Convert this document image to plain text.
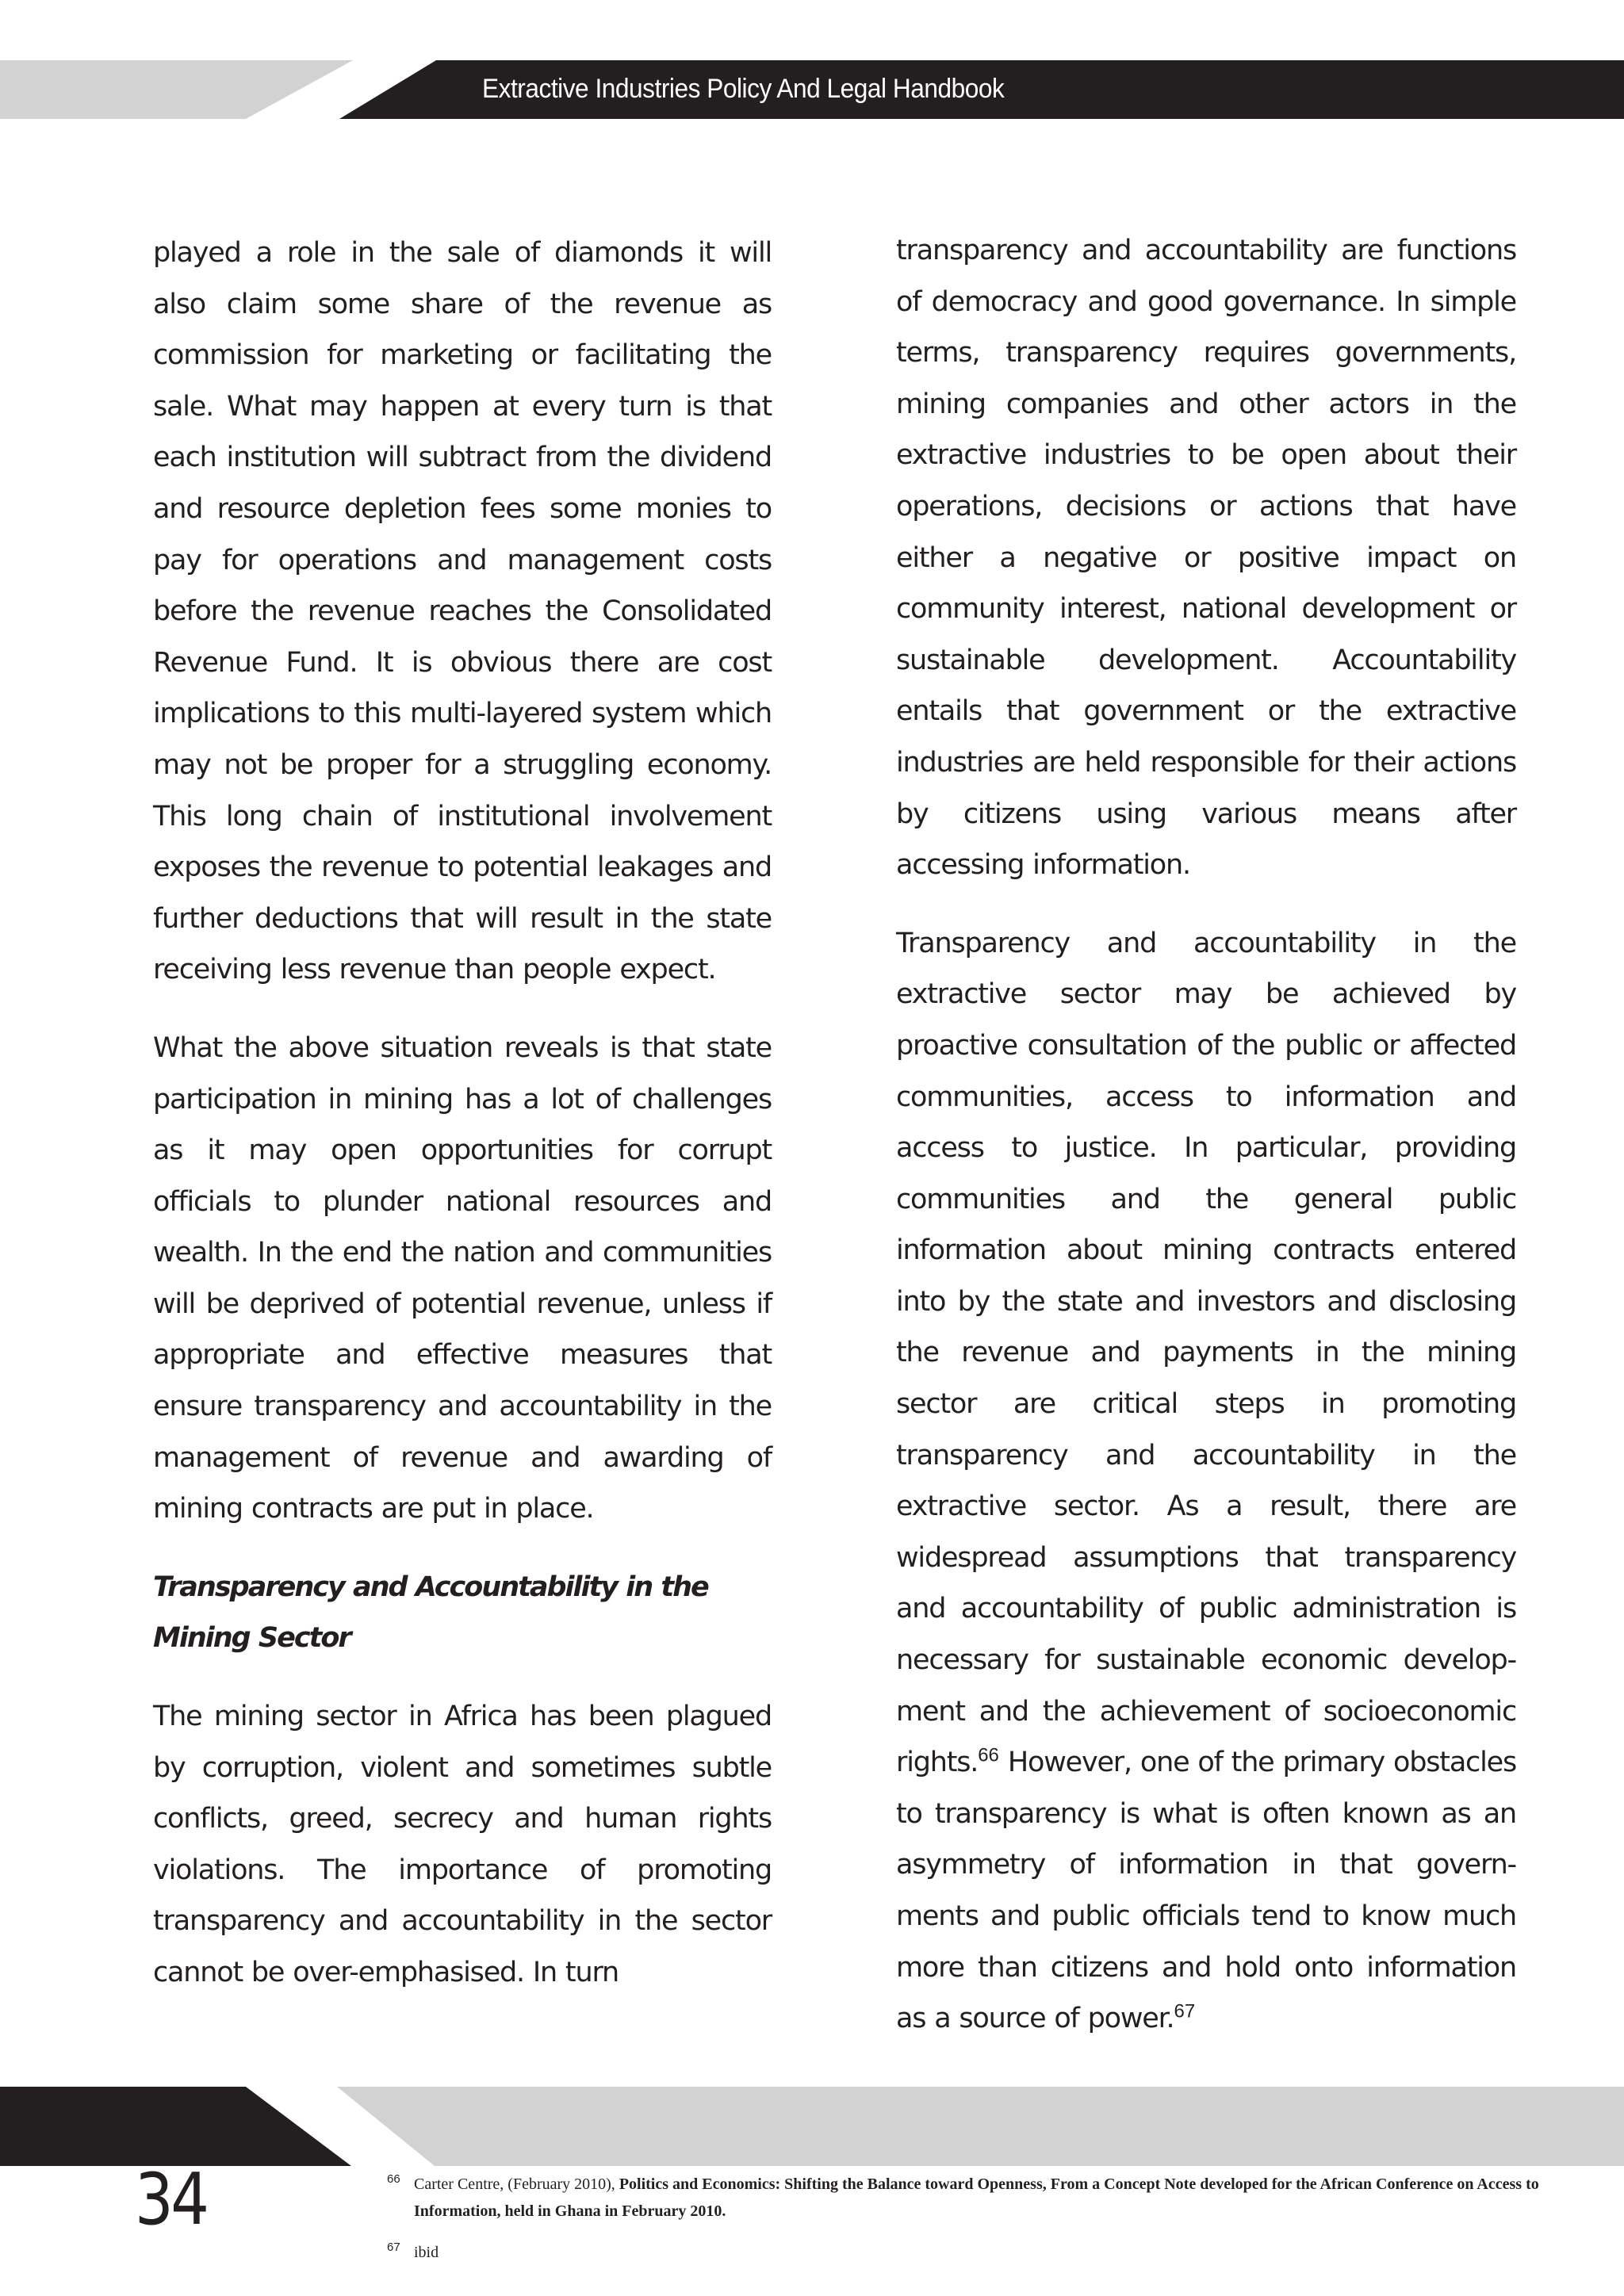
Extractive Industries Policy And Legal Handbook

played a role in the sale of diamonds it will also claim some share of the revenue as commission for marketing or facilitating the sale. What may happen at every turn is that each institution will subtract from the dividend and resource depletion fees some monies to pay for operations and management costs before the revenue reaches the Consolidated Revenue Fund. It is obvious there are cost implications to this multi-layered system which may not be proper for a struggling economy. This long chain of institutional involvement exposes the revenue to potential leakages and further deductions that will result in the state receiving less revenue than people expect.

What the above situation reveals is that state participation in mining has a lot of challenges as it may open opportunities for corrupt officials to plunder national resources and wealth. In the end the nation and communities will be deprived of potential revenue, unless if appropriate and effective measures that ensure transparency and accountability in the management of revenue and awarding of mining contracts are put in place.

Transparency and Accountability in the Mining Sector

The mining sector in Africa has been plagued by corruption, violent and sometimes subtle conflicts, greed, secrecy and human rights violations. The importance of promoting transparency and accountability in the sector cannot be over-emphasised. In turn

transparency and accountability are functions of democracy and good governance. In simple terms, transparency requires governments, mining companies and other actors in the extractive industries to be open about their operations, decisions or actions that have either a negative or positive impact on community interest, national development or sustainable development. Accountability entails that government or the extractive industries are held responsible for their actions by citizens using various means after accessing information.

Transparency and accountability in the extractive sector may be achieved by proactive consultation of the public or affected communities, access to information and access to justice. In particular, providing communities and the general public information about mining contracts entered into by the state and investors and disclosing the revenue and payments in the mining sector are critical steps in promoting transparency and accountability in the extractive sector. As a result, there are widespread assumptions that transparency and accountability of public administration is necessary for sustainable economic develop-ment and the achievement of socioeconomic rights.$^{66}$ However, one of the primary obstacles to transparency is what is often known as an asymmetry of information in that govern-ments and public officials tend to know much more than citizens and hold onto information as a source of power.$^{67}$

34	66 Carter Centre, (February 2010), Politics and Economics: Shifting the Balance toward Openness, From a Concept Note developed for the African Conference on Access to Information, held in Ghana in February 2010.
67 ibid
